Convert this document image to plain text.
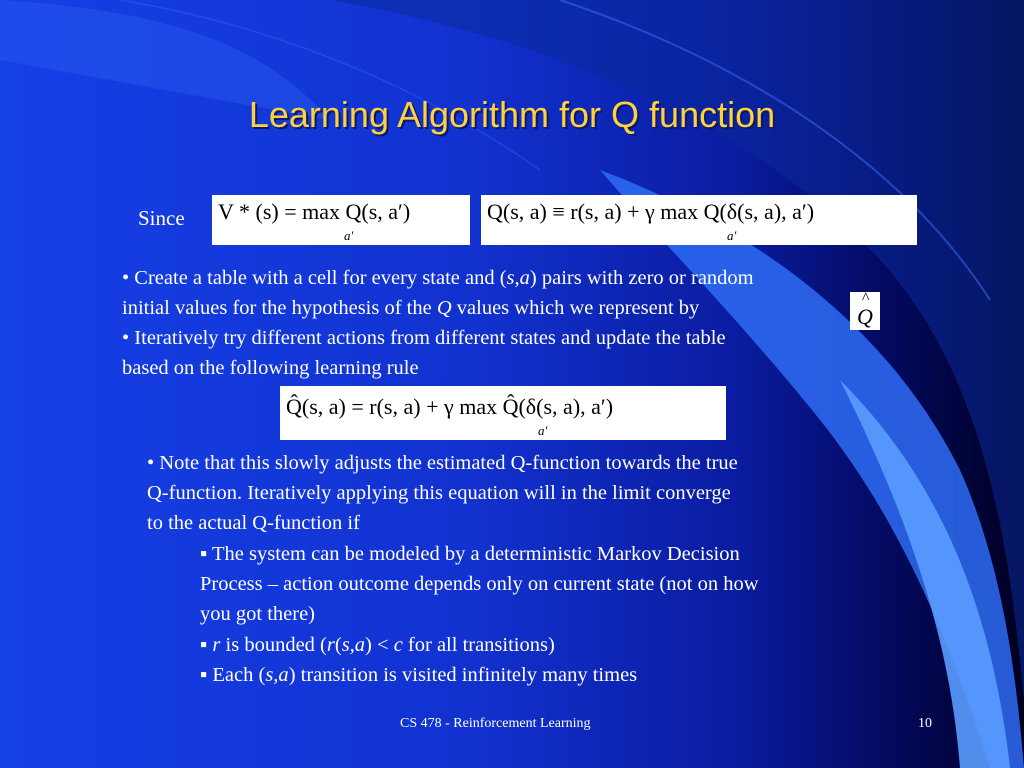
Learning Algorithm for Q function
Since V * (s) = max Q(s, a′)
a′
Q(s, a) ≡ r(s, a) + γ max Q(δ(s, a), a′)
a′
• Create a table with a cell for every state and (s,a) pairs with zero or random
initial values for the hypothesis of the Q values which we represent by
^	Q
• Iteratively try different actions from different states and update the table
based on the following learning rule
Q̂(s, a) = r(s, a) + γ max Q̂(δ(s, a), a′)
a′
• Note that this slowly adjusts the estimated Q-function towards the true
Q-function. Iteratively applying this equation will in the limit converge
to the actual Q-function if
▪ The system can be modeled by a deterministic Markov Decision
Process – action outcome depends only on current state (not on how
you got there)
▪ r is bounded (r(s,a) < c for all transitions)
▪ Each (s,a) transition is visited infinitely many times
CS 478 - Reinforcement Learning	10
